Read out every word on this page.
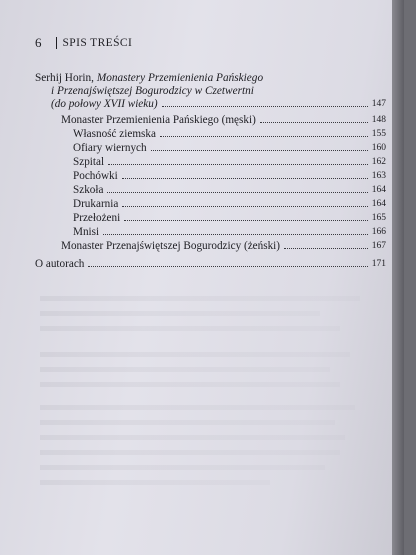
6 SPIS TREŚCI
Serhij Horin, Monastery Przemienienia Pańskiego
i Przenajświętszej Bogurodzicy w Czetwertni
(do połowy XVII wieku)	147
Monaster Przemienienia Pańskiego (męski)	148
Własność ziemska	155
Ofiary wiernych	160
Szpital	162
Pochówki	163
Szkoła	164
Drukarnia	164
Przełożeni	165
Mnisi	166
Monaster Przenajświętszej Bogurodzicy (żeński)	167
O autorach	171
